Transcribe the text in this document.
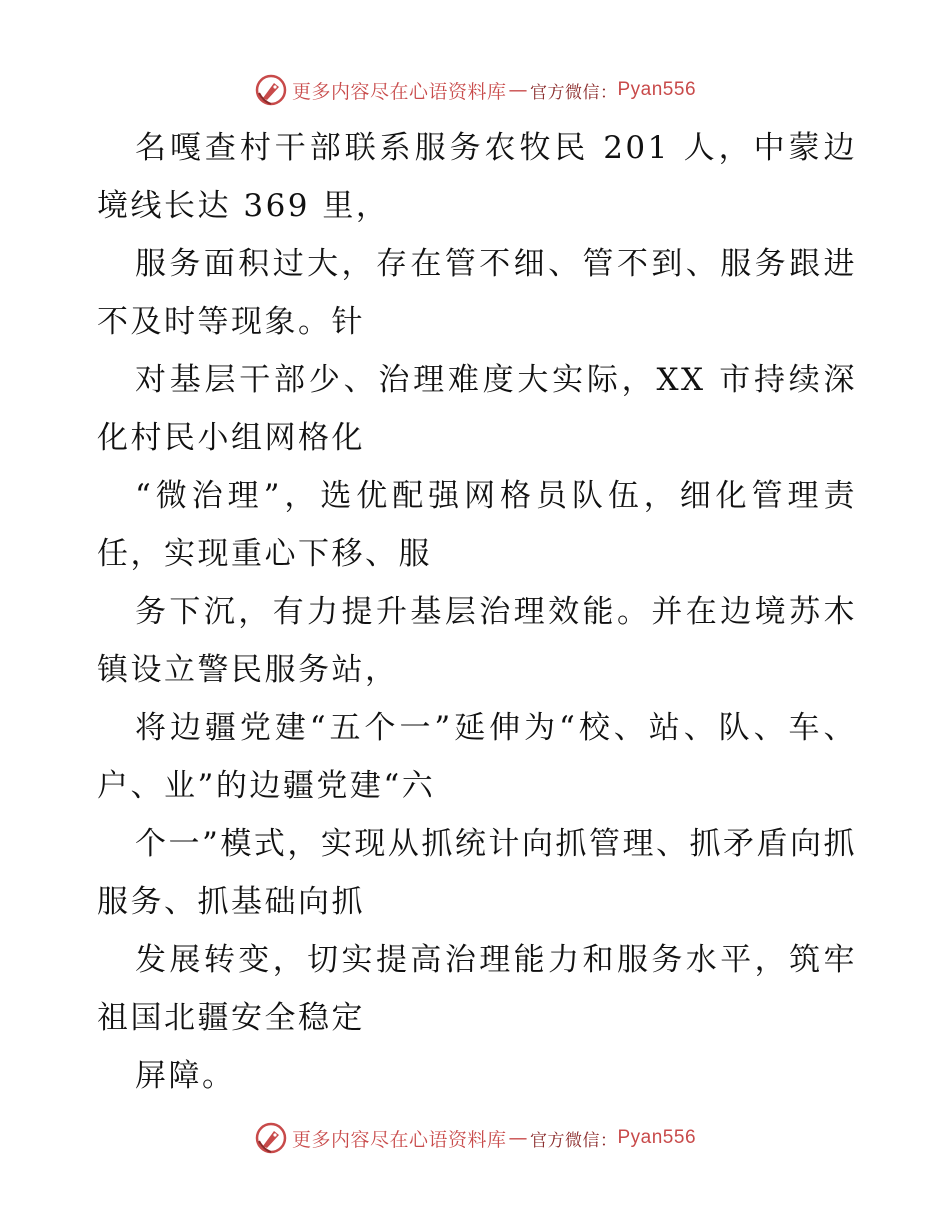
更多内容尽在心语资料库 — 官方微信： Pyan556

名嘎查村干部联系服务农牧民 201 人，中蒙边境线长达 369 里，

服务面积过大，存在管不细、管不到、服务跟进不及时等现象。针

对基层干部少、治理难度大实际，XX 市持续深化村民小组网格化

“微治理”，选优配强网格员队伍，细化管理责任，实现重心下移、服

务下沉，有力提升基层治理效能。并在边境苏木镇设立警民服务站，

将边疆党建“五个一”延伸为“校、站、队、车、户、业”的边疆党建“六

个一”模式，实现从抓统计向抓管理、抓矛盾向抓服务、抓基础向抓

发展转变，切实提高治理能力和服务水平，筑牢祖国北疆安全稳定

屏障。

更多内容尽在心语资料库 — 官方微信： Pyan556
